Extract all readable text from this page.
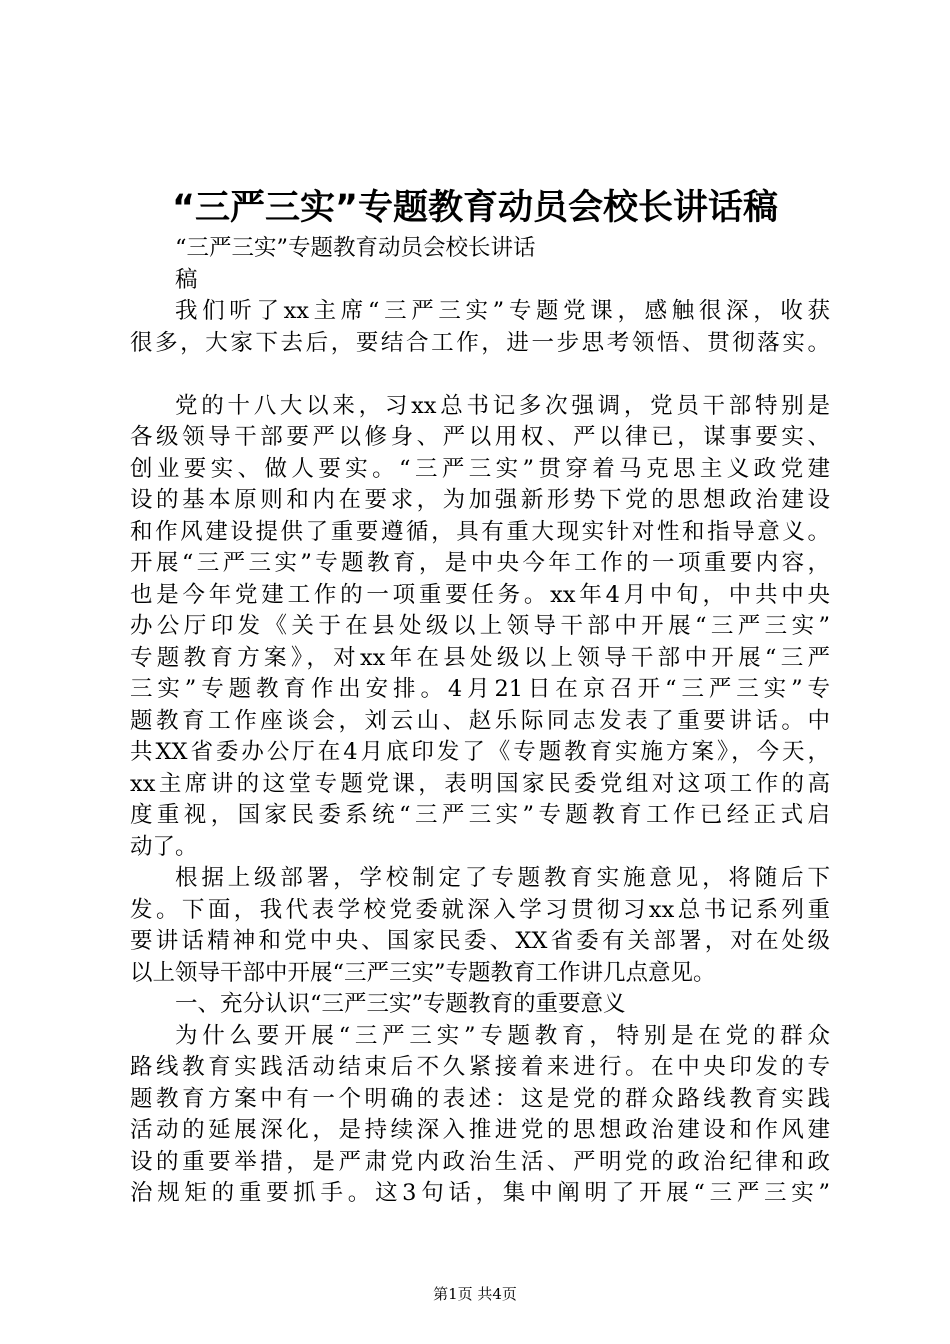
“三严三实”专题教育动员会校长讲话稿
“三严三实”专题教育动员会校长讲话
稿
我们听了xx主席“三严三实”专题党课，感触很深，收获
很多，大家下去后，要结合工作，进一步思考领悟、贯彻落实。
党的十八大以来，习xx总书记多次强调，党员干部特别是
各级领导干部要严以修身、严以用权、严以律已，谋事要实、
创业要实、做人要实。“三严三实”贯穿着马克思主义政党建
设的基本原则和内在要求，为加强新形势下党的思想政治建设
和作风建设提供了重要遵循，具有重大现实针对性和指导意义。
开展“三严三实”专题教育，是中央今年工作的一项重要内容，
也是今年党建工作的一项重要任务。xx年4月中旬，中共中央
办公厅印发《关于在县处级以上领导干部中开展“三严三实”
专题教育方案》，对xx年在县处级以上领导干部中开展“三严
三实”专题教育作出安排。4月21日在京召开“三严三实”专
题教育工作座谈会，刘云山、赵乐际同志发表了重要讲话。中
共XX省委办公厅在4月底印发了《专题教育实施方案》，今天，
xx主席讲的这堂专题党课，表明国家民委党组对这项工作的高
度重视，国家民委系统“三严三实”专题教育工作已经正式启
动了。
根据上级部署，学校制定了专题教育实施意见，将随后下
发。下面，我代表学校党委就深入学习贯彻习xx总书记系列重
要讲话精神和党中央、国家民委、XX省委有关部署，对在处级
以上领导干部中开展“三严三实”专题教育工作讲几点意见。
一、充分认识“三严三实”专题教育的重要意义
为什么要开展“三严三实”专题教育，特别是在党的群众
路线教育实践活动结束后不久紧接着来进行。在中央印发的专
题教育方案中有一个明确的表述：这是党的群众路线教育实践
活动的延展深化，是持续深入推进党的思想政治建设和作风建
设的重要举措，是严肃党内政治生活、严明党的政治纪律和政
治规矩的重要抓手。这3句话，集中阐明了开展“三严三实”
第1页 共4页
